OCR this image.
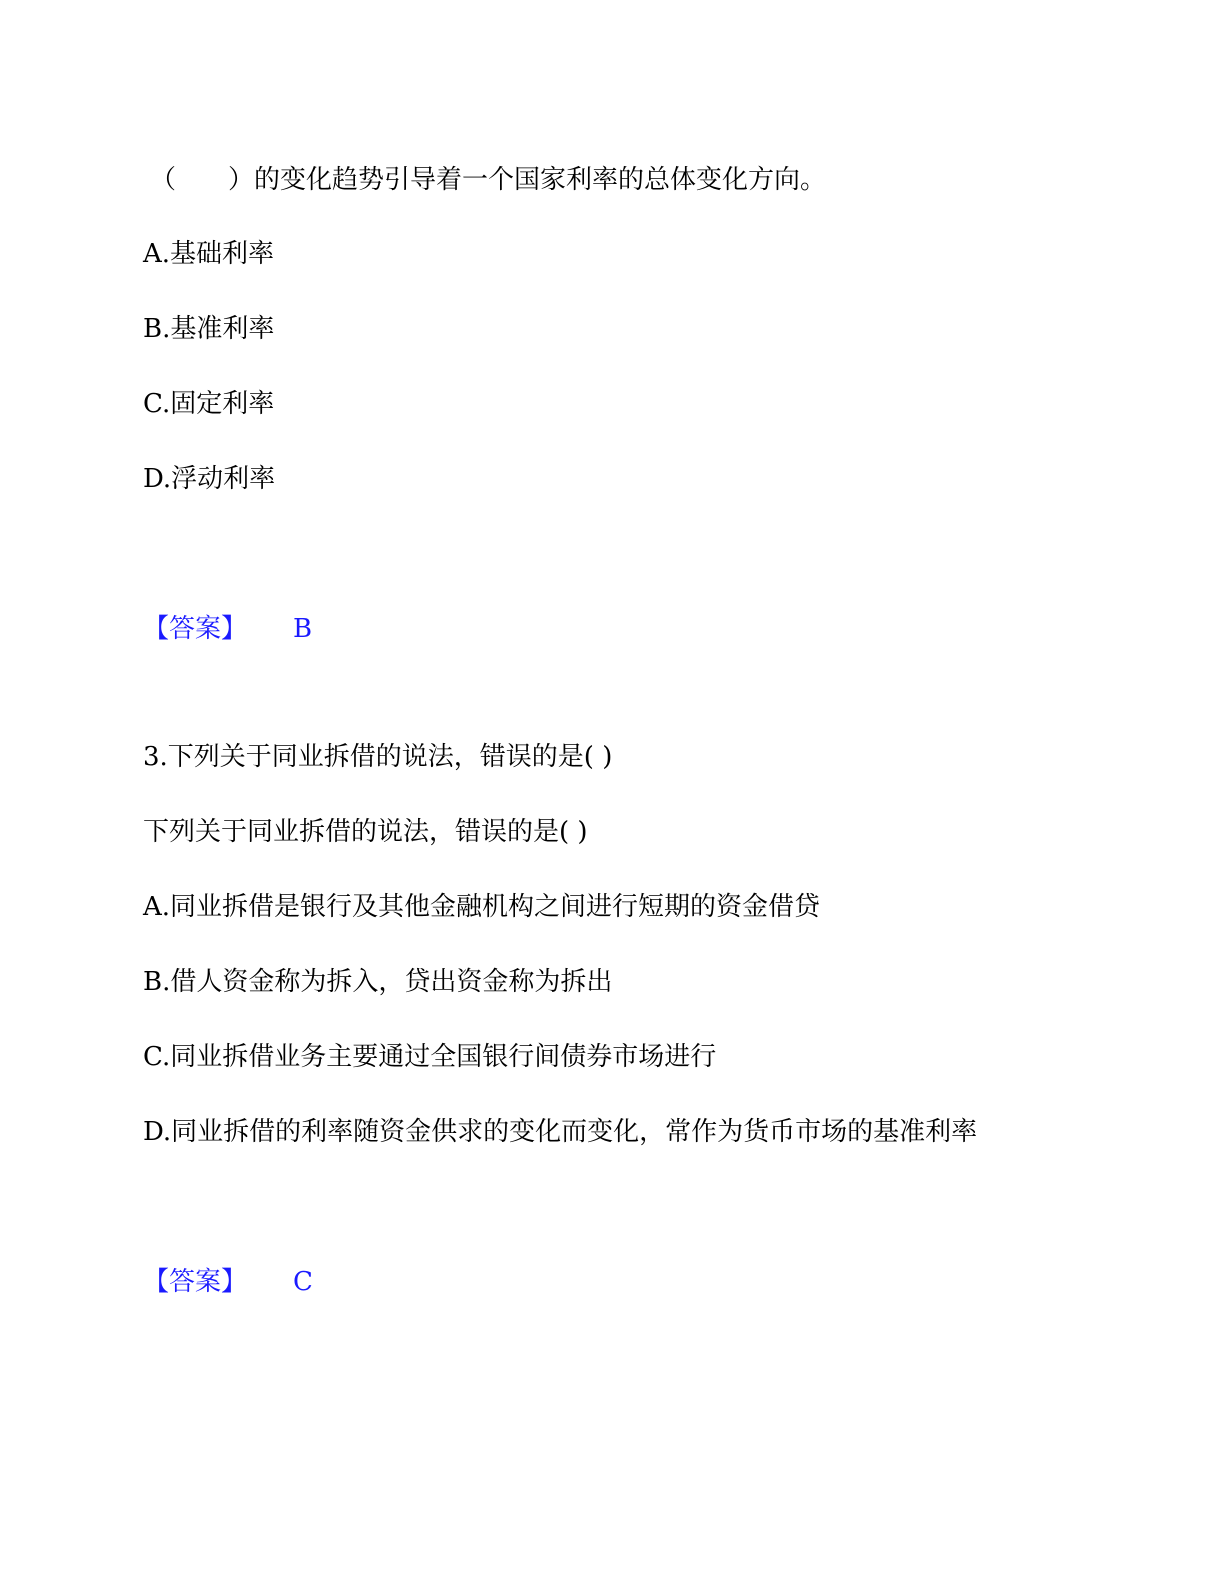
（　　）的变化趋势引导着一个国家利率的总体变化方向。
A.基础利率
B.基准利率
C.固定利率
D.浮动利率
【答案】 B
3.下列关于同业拆借的说法，错误的是( )
下列关于同业拆借的说法，错误的是( )
A.同业拆借是银行及其他金融机构之间进行短期的资金借贷
B.借人资金称为拆入，贷出资金称为拆出
C.同业拆借业务主要通过全国银行间债券市场进行
D.同业拆借的利率随资金供求的变化而变化，常作为货币市场的基准利率
【答案】 C
